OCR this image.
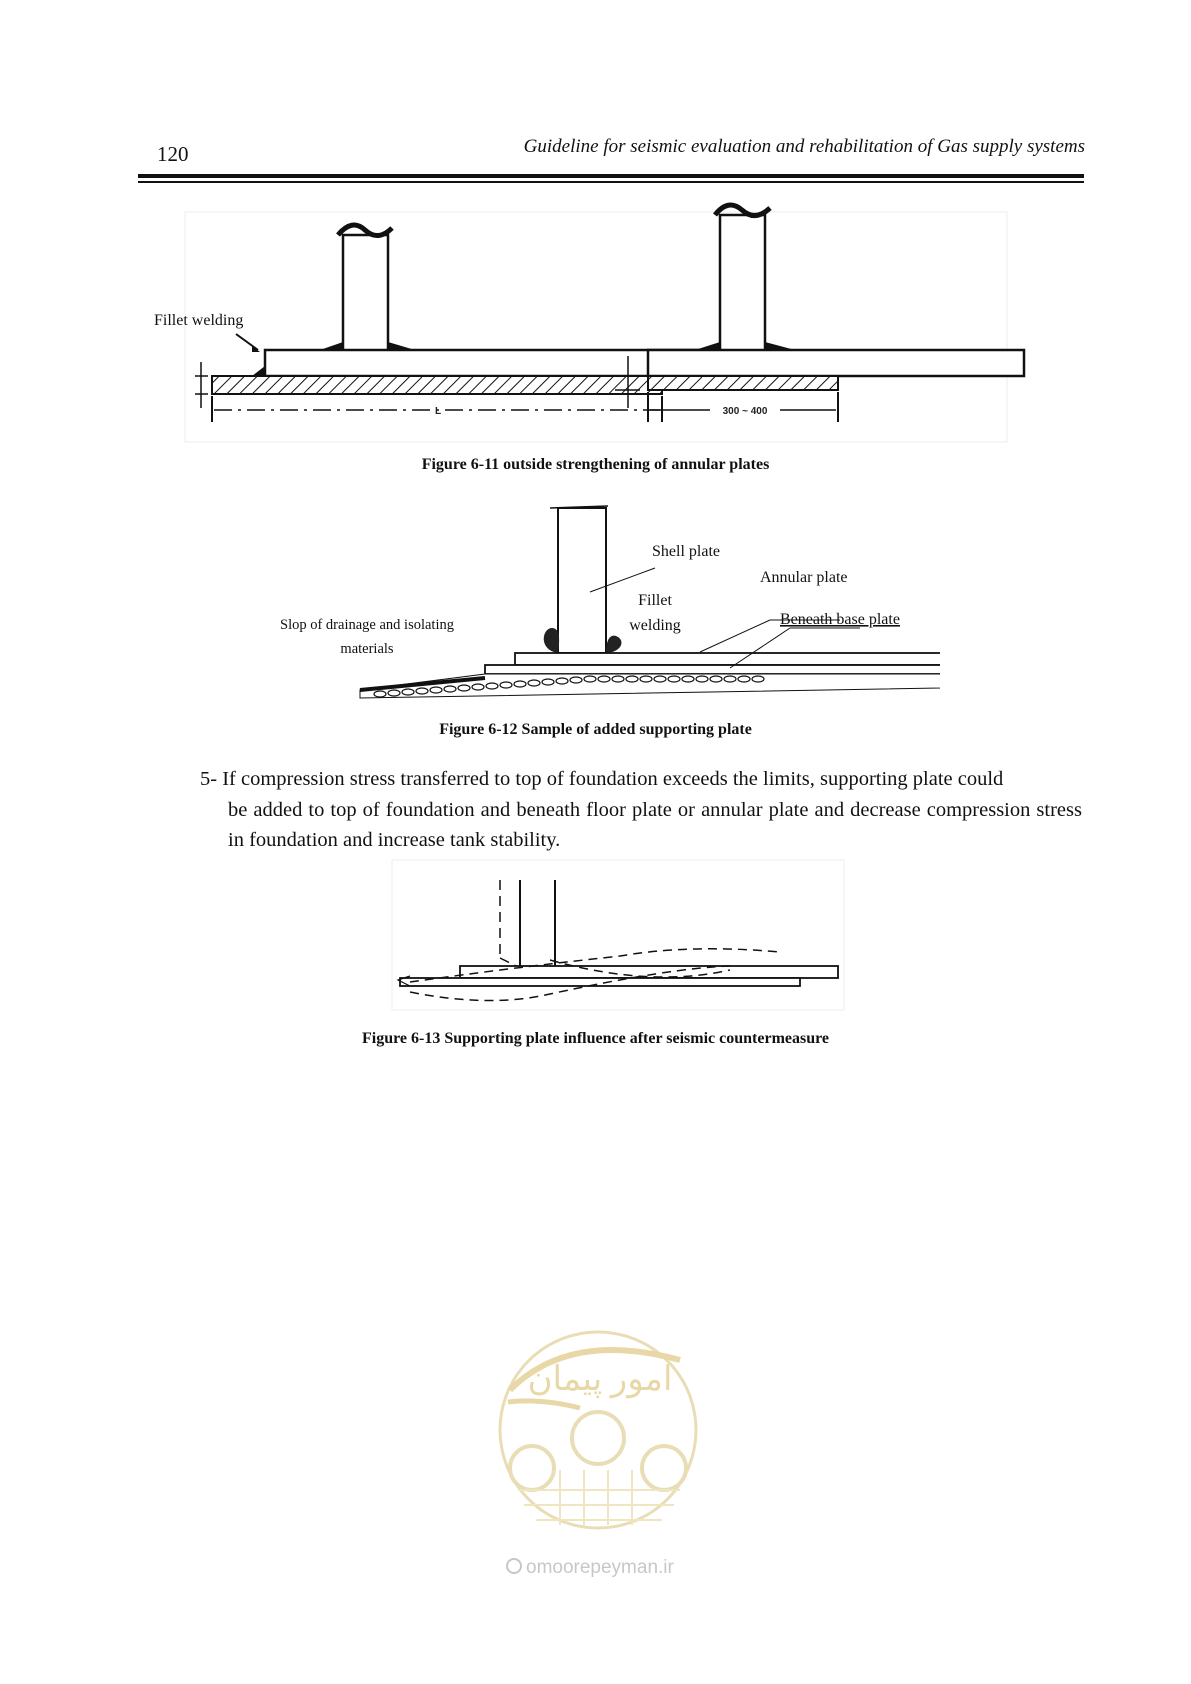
120	Guideline for seismic evaluation and rehabilitation of Gas supply systems
L	300 ~ 400
Fillet welding
Figure 6-11 outside strengthening of annular plates
Shell plate
Annular plate
Fillet
welding	Beneath base plate
Slop of drainage and isolating
materials
Figure 6-12 Sample of added supporting plate
5- If compression stress transferred to top of foundation exceeds the limits, supporting plate could
be added to top of foundation and beneath floor plate or annular plate and decrease compression stress in foundation and increase tank stability.
Figure 6-13 Supporting plate influence after seismic countermeasure
امور پیمان
omoorepeyman.ir
